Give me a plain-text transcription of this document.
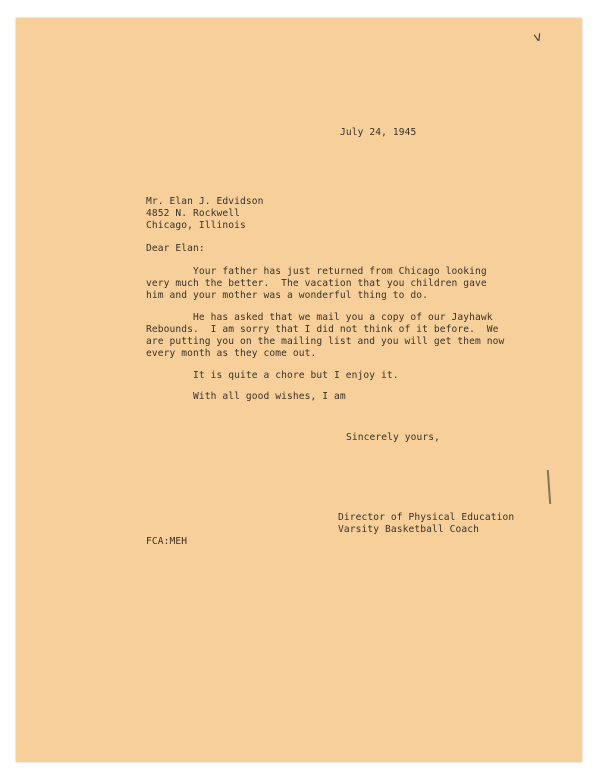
v
July 24, 1945
Mr. Elan J. Edvidson
4852 N. Rockwell
Chicago, Illinois
Dear Elan:
Your father has just returned from Chicago looking
very much the better.  The vacation that you children gave
him and your mother was a wonderful thing to do.
He has asked that we mail you a copy of our Jayhawk
Rebounds.  I am sorry that I did not think of it before.  We
are putting you on the mailing list and you will get them now
every month as they come out.
It is quite a chore but I enjoy it.
With all good wishes, I am
Sincerely yours,
Director of Physical Education
Varsity Basketball Coach
FCA:MEH
